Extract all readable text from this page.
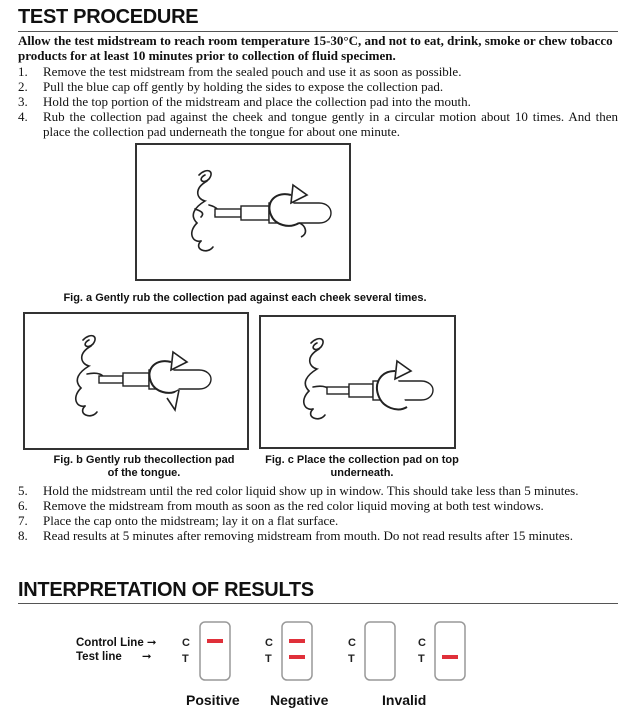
TEST PROCEDURE
Allow the test midstream to reach room temperature 15-30°C, and not to eat, drink, smoke or chew tobacco products for at least 10 minutes prior to collection of fluid specimen.
1.	Remove the test midstream from the sealed pouch and use it as soon as possible.
2.	Pull the blue cap off gently by holding the sides to expose the collection pad.
3.	Hold the top portion of the midstream and place the collection pad into the mouth.
4.	Rub the collection pad against the cheek and tongue gently in a circular motion about 10 times. And then place the collection pad underneath the tongue for about one minute.
Fig. a Gently rub the collection pad against each cheek several times.
Fig. b Gently rub thecollection pad
of the tongue.
Fig. c Place the collection pad on top
underneath.
5.	Hold the midstream until the red color liquid show up in window. This should take less than 5 minutes.
6.	Remove the midstream from mouth as soon as the red color liquid moving at both test windows.
7.	Place the cap onto the midstream; lay it on a flat surface.
8.	Read results at 5 minutes after removing midstream from mouth. Do not read results after 15 minutes.
INTERPRETATION OF RESULTS
Control Line ➞
Test line ➞
C
T
C
T
C
T
C
T
Positive Negative	Invalid
